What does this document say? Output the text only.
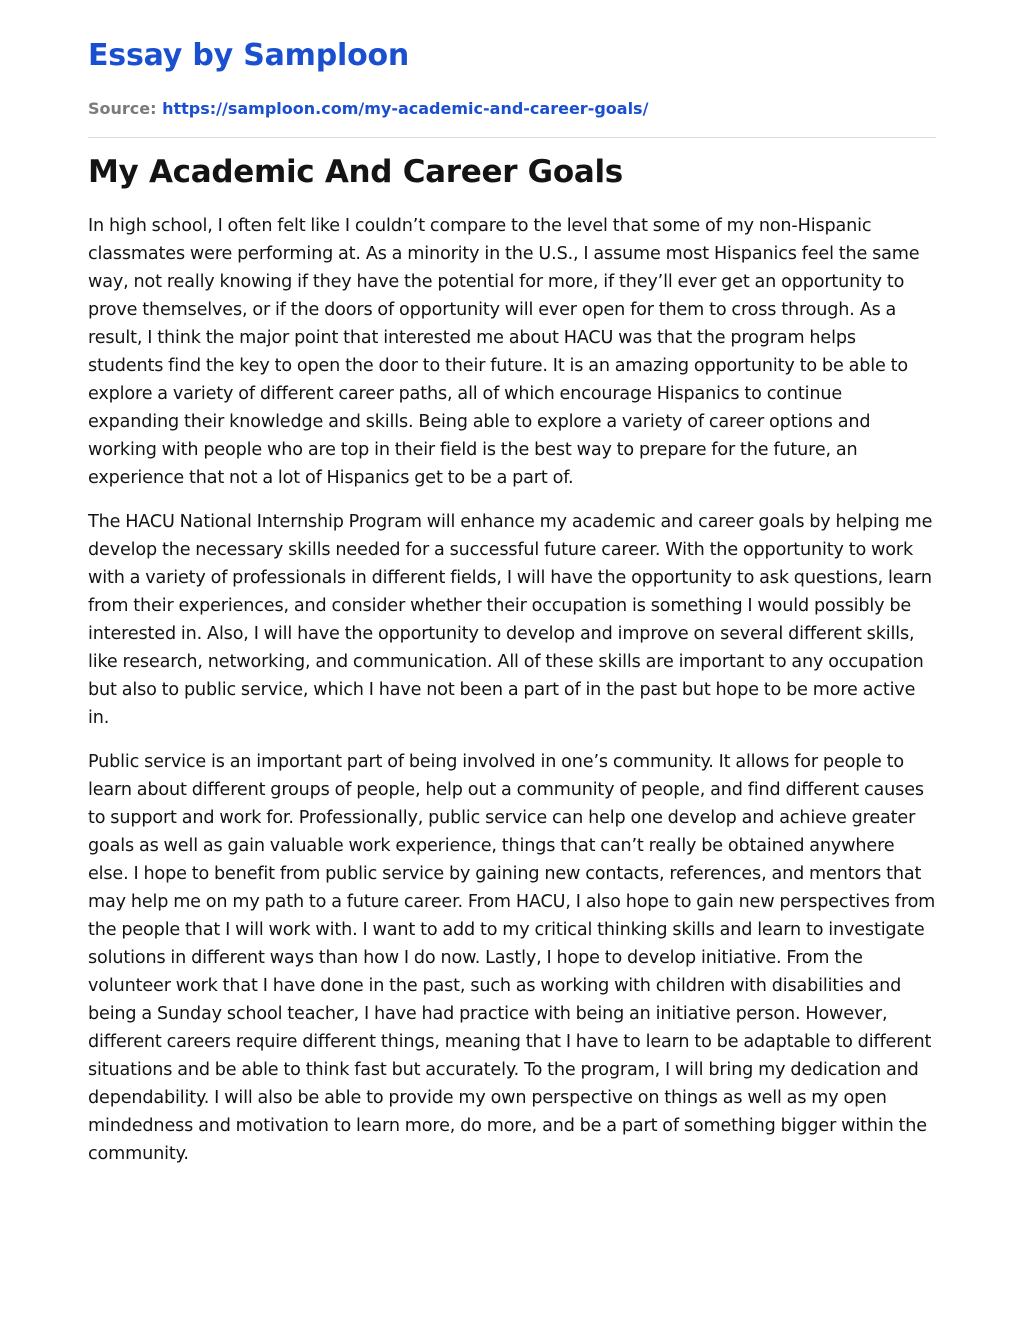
Essay by Samploon
Source: https://samploon.com/my-academic-and-career-goals/
My Academic And Career Goals

In high school, I often felt like I couldn’t compare to the level that some of my non-Hispanic classmates were performing at. As a minority in the U.S., I assume most Hispanics feel the same way, not really knowing if they have the potential for more, if they’ll ever get an opportunity to prove themselves, or if the doors of opportunity will ever open for them to cross through. As a result, I think the major point that interested me about HACU was that the program helps students find the key to open the door to their future. It is an amazing opportunity to be able to explore a variety of different career paths, all of which encourage Hispanics to continue expanding their knowledge and skills. Being able to explore a variety of career options and working with people who are top in their field is the best way to prepare for the future, an experience that not a lot of Hispanics get to be a part of.

The HACU National Internship Program will enhance my academic and career goals by helping me develop the necessary skills needed for a successful future career. With the opportunity to work with a variety of professionals in different fields, I will have the opportunity to ask questions, learn from their experiences, and consider whether their occupation is something I would possibly be interested in. Also, I will have the opportunity to develop and improve on several different skills, like research, networking, and communication. All of these skills are important to any occupation but also to public service, which I have not been a part of in the past but hope to be more active in.

Public service is an important part of being involved in one’s community. It allows for people to learn about different groups of people, help out a community of people, and find different causes to support and work for. Professionally, public service can help one develop and achieve greater goals as well as gain valuable work experience, things that can’t really be obtained anywhere else. I hope to benefit from public service by gaining new contacts, references, and mentors that may help me on my path to a future career. From HACU, I also hope to gain new perspectives from the people that I will work with. I want to add to my critical thinking skills and learn to investigate solutions in different ways than how I do now. Lastly, I hope to develop initiative. From the volunteer work that I have done in the past, such as working with children with disabilities and being a Sunday school teacher, I have had practice with being an initiative person. However, different careers require different things, meaning that I have to learn to be adaptable to different situations and be able to think fast but accurately. To the program, I will bring my dedication and dependability. I will also be able to provide my own perspective on things as well as my open mindedness and motivation to learn more, do more, and be a part of something bigger within the community.
